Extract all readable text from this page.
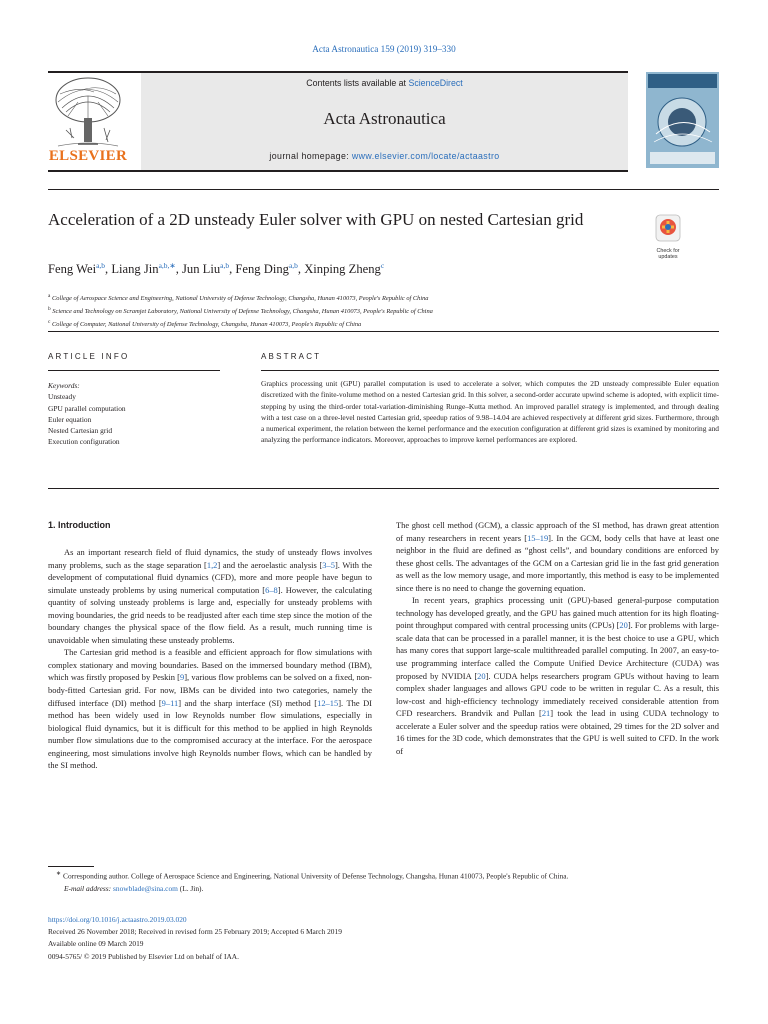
Acta Astronautica 159 (2019) 319–330
Contents lists available at ScienceDirect
Acta Astronautica
journal homepage: www.elsevier.com/locate/actaastro
ELSEVIER
Acceleration of a 2D unsteady Euler solver with GPU on nested Cartesian grid
Check for
updates
Feng Wei$^{a,b}$, Liang Jin$^{a,b,∗}$, Jun Liu$^{a,b}$, Feng Ding$^{a,b}$, Xinping Zheng$^c$
$^a$ College of Aerospace Science and Engineering, National University of Defense Technology, Changsha, Hunan 410073, People's Republic of China
$^b$ Science and Technology on Scramjet Laboratory, National University of Defense Technology, Changsha, Hunan 410073, People's Republic of China
$^c$ College of Computer, National University of Defense Technology, Changsha, Hunan 410073, People's Republic of China
ARTICLE INFO	ABSTRACT
Keywords:
Unsteady
GPU parallel computation
Euler equation
Nested Cartesian grid
Execution configuration
Graphics processing unit (GPU) parallel computation is used to accelerate a solver, which computes the 2D unsteady compressible Euler equation discretized with the finite-volume method on a nested Cartesian grid. In this solver, a second-order accurate upwind scheme is adopted, with explicit time-stepping by using the third-order total-variation-diminishing Runge–Kutta method. An improved parallel strategy is implemented, and through dealing with a test case on a three-level nested Cartesian grid, speedup ratios of 9.98–14.04 are achieved respectively at different grid sizes. Furthermore, through a numerical experiment, the relation between the kernel performance and the execution configuration at different grid sizes is examined by monitoring and analyzing the performance indicators. Moreover, approaches to improve kernel performances are explored.
1. Introduction

As an important research field of fluid dynamics, the study of unsteady flows involves many problems, such as the stage separation [1,2] and the aeroelastic analysis [3–5]. With the development of computational fluid dynamics (CFD), more and more people have begun to simulate unsteady problems by using numerical computation [6–8]. However, the calculating quantity of solving unsteady problems is large and, especially for unsteady problems with moving boundaries, the grid needs to be readjusted after each time step since the motion of the boundary changes the physical space of the flow field. As a result, much running time is unavoidable when simulating these unsteady problems.

The Cartesian grid method is a feasible and efficient approach for flow simulations with complex stationary and moving boundaries. Based on the immersed boundary method (IBM), which was firstly proposed by Peskin [9], various flow problems can be solved on a fixed, non-body-fitted Cartesian grid. For now, IBMs can be divided into two categories, namely the diffused interface (DI) method [9–11] and the sharp interface (SI) method [12–15]. The DI method has been widely used in low Reynolds number flow simulations, especially in biological fluid dynamics, but it is difficult for this method to be applied in high Reynolds number flow simulations due to the compromised accuracy at the interface. For the aerospace engineering, most simulations involve high Reynolds number flows, which can be handled by the SI method.

The ghost cell method (GCM), a classic approach of the SI method, has drawn great attention of many researchers in recent years [15–19]. In the GCM, body cells that have at least one neighbor in the fluid are defined as “ghost cells”, and boundary conditions are enforced by these ghost cells. The advantages of the GCM on a Cartesian grid lie in the fast grid generation as well as the low memory usage, and more importantly, this method is easy to be implemented since there is no need to change the governing equation.

In recent years, graphics processing unit (GPU)-based general-purpose computation technology has developed greatly, and the GPU has gained much attention for its high floating-point throughput compared with central processing units (CPUs) [20]. For problems with large-scale data that can be processed in a parallel manner, it is the best choice to use a GPU, which has many cores that support large-scale multithreaded parallel computing. In 2007, an easy-to-use programming interface called the Compute Unified Device Architecture (CUDA) was proposed by NVIDIA [20]. CUDA helps researchers program GPUs without having to learn complex shader languages and allows GPU code to be written in regular C. As a result, this low-cost and high-efficiency technology immediately received considerable attention from CFD researchers. Brandvik and Pullan [21] took the lead in using CUDA technology to accelerate a Euler solver and the speedup ratios were obtained, 29 times for the 2D solver and 16 times for the 3D code, which demonstrates that the GPU is well suited to CFD. In the work of

∗ Corresponding author. College of Aerospace Science and Engineering, National University of Defense Technology, Changsha, Hunan 410073, People's Republic of China.

E-mail address: snowblade@sina.com (L. Jin).

https://doi.org/10.1016/j.actaastro.2019.03.020
Received 26 November 2018; Received in revised form 25 February 2019; Accepted 6 March 2019
Available online 09 March 2019
0094-5765/ © 2019 Published by Elsevier Ltd on behalf of IAA.
